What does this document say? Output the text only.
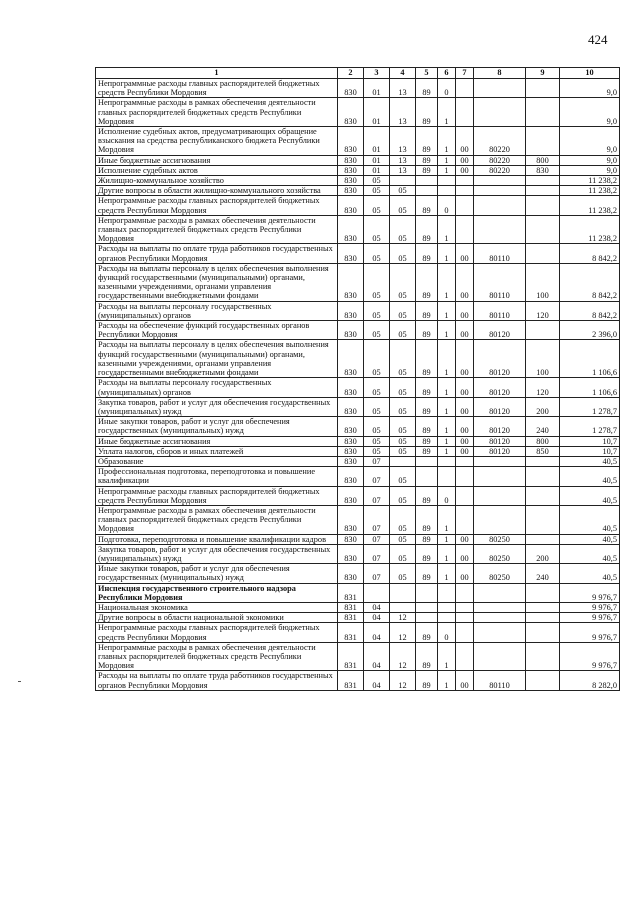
424
1	2	3	4	5	6	7	8	9	10
Непрограммные расходы главных распорядителей бюджетных средств Республики Мордовия	830	01	13	89	0				9,0
Непрограммные расходы в рамках обеспечения деятельности главных распорядителей бюджетных средств Республики Мордовия	830	01	13	89	1				9,0
Исполнение судебных актов, предусматривающих обращение взыскания на средства республиканского бюджета Республики Мордовия	830	01	13	89	1	00	80220		9,0
Иные бюджетные ассигнования	830	01	13	89	1	00	80220	800	9,0
Исполнение судебных актов	830	01	13	89	1	00	80220	830	9,0
Жилищно-коммунальное хозяйство	830	05							11 238,2
Другие вопросы в области жилищно-коммунального хозяйства	830	05	05						11 238,2
Непрограммные расходы главных распорядителей бюджетных средств Республики Мордовия	830	05	05	89	0				11 238,2
Непрограммные расходы в рамках обеспечения деятельности главных распорядителей бюджетных средств Республики Мордовия	830	05	05	89	1				11 238,2
Расходы на выплаты по оплате труда работников государственных органов Республики Мордовия	830	05	05	89	1	00	80110		8 842,2
Расходы на выплаты персоналу в целях обеспечения выполнения функций государственными (муниципальными) органами, казенными учреждениями, органами управления государственными внебюджетными фондами	830	05	05	89	1	00	80110	100	8 842,2
Расходы на выплаты персоналу государственных (муниципальных) органов	830	05	05	89	1	00	80110	120	8 842,2
Расходы на обеспечение функций государственных органов Республики Мордовия	830	05	05	89	1	00	80120		2 396,0
Расходы на выплаты персоналу в целях обеспечения выполнения функций государственными (муниципальными) органами, казенными учреждениями, органами управления государственными внебюджетными фондами	830	05	05	89	1	00	80120	100	1 106,6
Расходы на выплаты персоналу государственных (муниципальных) органов	830	05	05	89	1	00	80120	120	1 106,6
Закупка товаров, работ и услуг для обеспечения государственных (муниципальных) нужд	830	05	05	89	1	00	80120	200	1 278,7
Иные закупки товаров, работ и услуг для обеспечения государственных (муниципальных) нужд	830	05	05	89	1	00	80120	240	1 278,7
Иные бюджетные ассигнования	830	05	05	89	1	00	80120	800	10,7
Уплата налогов, сборов и иных платежей	830	05	05	89	1	00	80120	850	10,7
Образование	830	07							40,5
Профессиональная подготовка, переподготовка и повышение квалификации	830	07	05						40,5
Непрограммные расходы главных распорядителей бюджетных средств Республики Мордовия	830	07	05	89	0				40,5
Непрограммные расходы в рамках обеспечения деятельности главных распорядителей бюджетных средств Республики Мордовия	830	07	05	89	1				40,5
Подготовка, переподготовка и повышение квалификации кадров	830	07	05	89	1	00	80250		40,5
Закупка товаров, работ и услуг для обеспечения государственных (муниципальных) нужд	830	07	05	89	1	00	80250	200	40,5
Иные закупки товаров, работ и услуг для обеспечения государственных (муниципальных) нужд	830	07	05	89	1	00	80250	240	40,5
Инспекция государственного строительного надзора Республики Мордовия	831								9 976,7
Национальная экономика	831	04							9 976,7
Другие вопросы в области национальной экономики	831	04	12						9 976,7
Непрограммные расходы главных распорядителей бюджетных средств Республики Мордовия	831	04	12	89	0				9 976,7
Непрограммные расходы в рамках обеспечения деятельности главных распорядителей бюджетных средств Республики Мордовия	831	04	12	89	1				9 976,7
Расходы на выплаты по оплате труда работников государственных органов Республики Мордовия	831	04	12	89	1	00	80110		8 282,0
